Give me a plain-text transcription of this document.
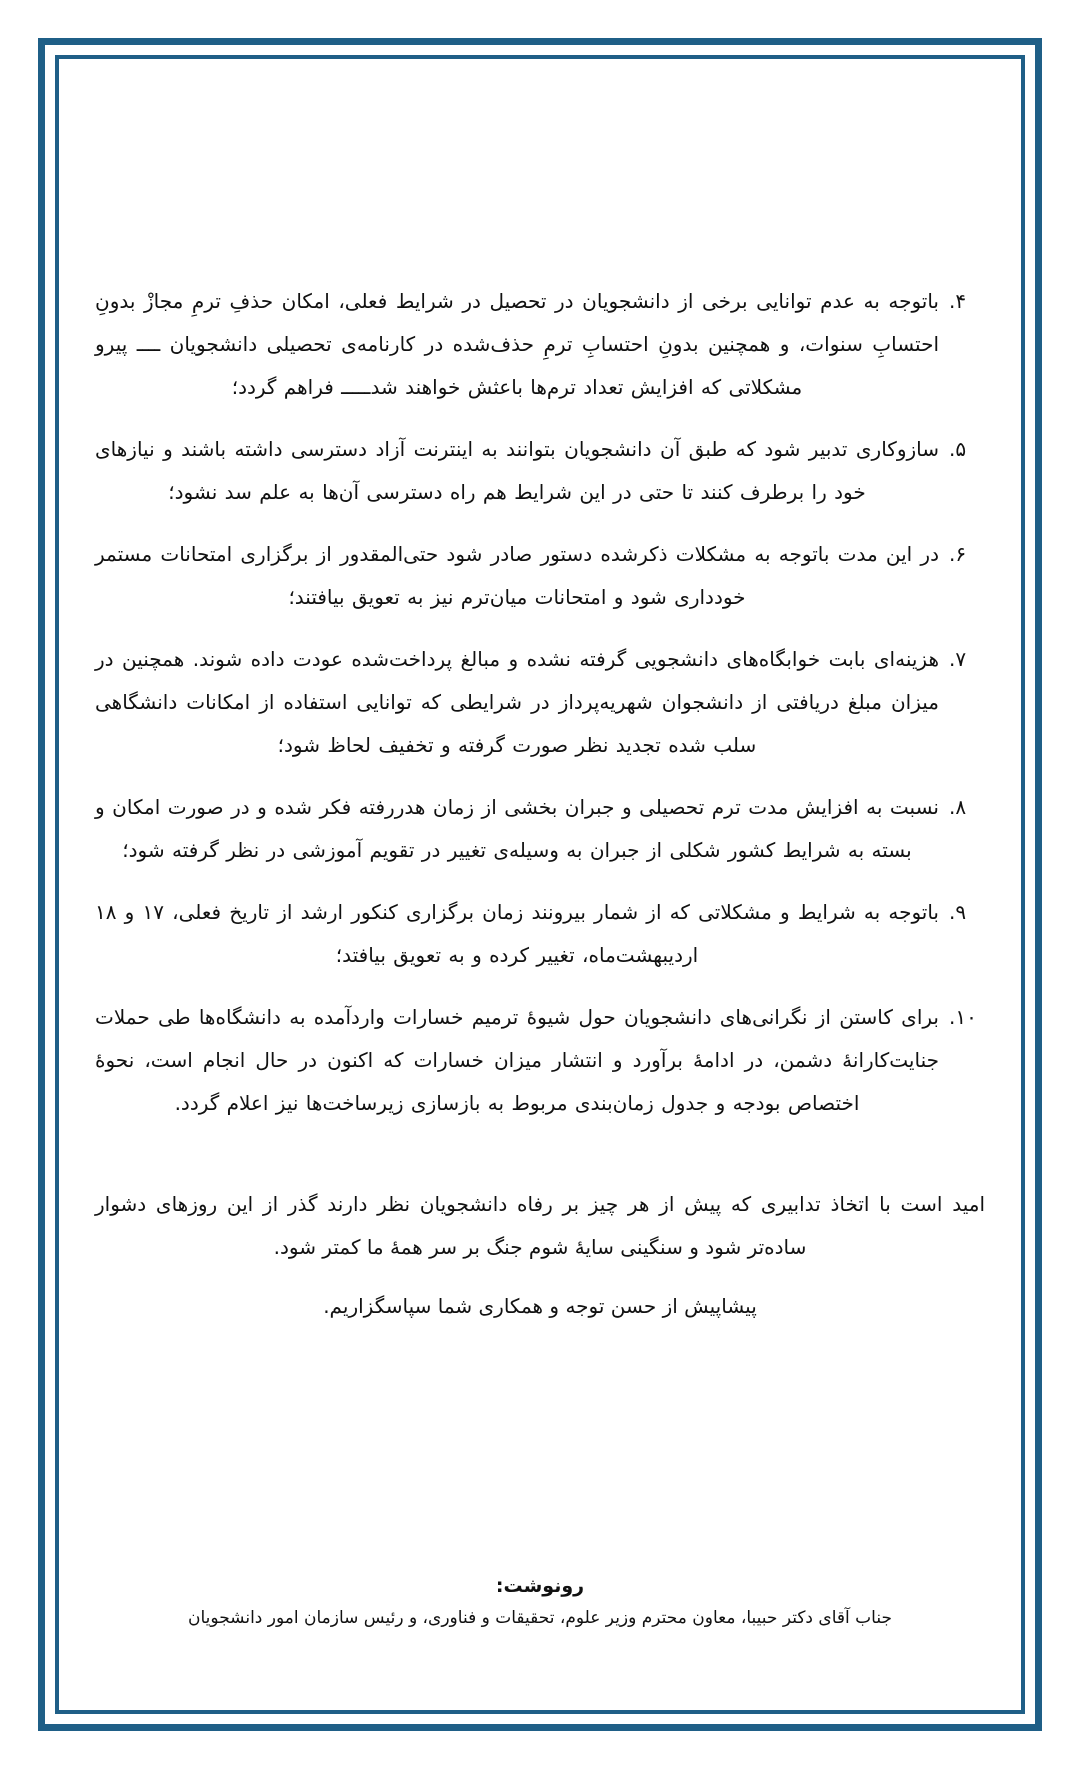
۴.
باتوجه به عدم توانایی برخی از دانشجویان در تحصیل در شرایط فعلی، امکان حذفِ ترمِ مجازْ بدونِ احتسابِ سنوات، و همچنین بدونِ احتسابِ ترمِ حذف‌شده در کارنامه‌ی تحصیلی دانشجویان ــــ پیرو مشکلاتی که افزایش تعداد ترم‌ها باعثش خواهند شدـــــ فراهم گردد؛
۵.
سازوکاری تدبیر شود که طبق آن دانشجویان بتوانند به اینترنت آزاد دسترسی داشته باشند و نیازهای خود را برطرف کنند تا حتی در این شرایط هم راه دسترسی آن‌ها به علم سد نشود؛
۶.
در این مدت باتوجه به مشکلات ذکرشده دستور صادر شود حتی‌المقدور از برگزاری امتحانات مستمر خودداری شود و امتحانات میان‌ترم نیز به تعویق بیافتند؛
۷.
هزینه‌ای بابت خوابگاه‌های دانشجویی گرفته نشده و مبالغ پرداخت‌شده عودت داده شوند. همچنین در میزان مبلغ دریافتی از دانشجوان شهریه‌پرداز در شرایطی که توانایی استفاده از امکانات دانشگاهی سلب شده تجدید نظر صورت گرفته و تخفیف لحاظ شود؛
۸.
نسبت به افزایش مدت ترم تحصیلی و جبران بخشی از زمان هدررفته فکر شده و در صورت امکان و بسته به شرایط کشور شکلی از جبران به وسیله‌ی تغییر در تقویم آموزشی در نظر گرفته شود؛
۹.
باتوجه به شرایط و مشکلاتی که از شمار بیرونند زمان برگزاری کنکور ارشد از تاریخ فعلی، ۱۷ و ۱۸ اردیبهشت‌ماه، تغییر کرده و به تعویق بیافتد؛
۱۰.
برای کاستن از نگرانی‌های دانشجویان حول شیوهٔ ترمیم خسارات واردآمده به دانشگاه‌ها طی حملات جنایت‌کارانهٔ دشمن، در ادامهٔ برآورد و انتشار میزان خسارات که اکنون در حال انجام است، نحوهٔ اختصاص بودجه و جدول زمان‌بندی مربوط به بازسازی زیرساخت‌ها نیز اعلام گردد.

امید است با اتخاذ تدابیری که پیش از هر چیز بر رفاه دانشجویان نظر دارند گذر از این روزهای دشوار ساده‌تر شود و سنگینی سایهٔ شوم جنگ بر سر همهٔ ما کمتر شود.

پیشاپیش از حسن توجه و همکاری شما سپاسگزاریم.

رونوشت:
جناب آقای دکتر حبیبا، معاون محترم وزیر علوم، تحقیقات و فناوری، و رئیس سازمان امور دانشجویان
